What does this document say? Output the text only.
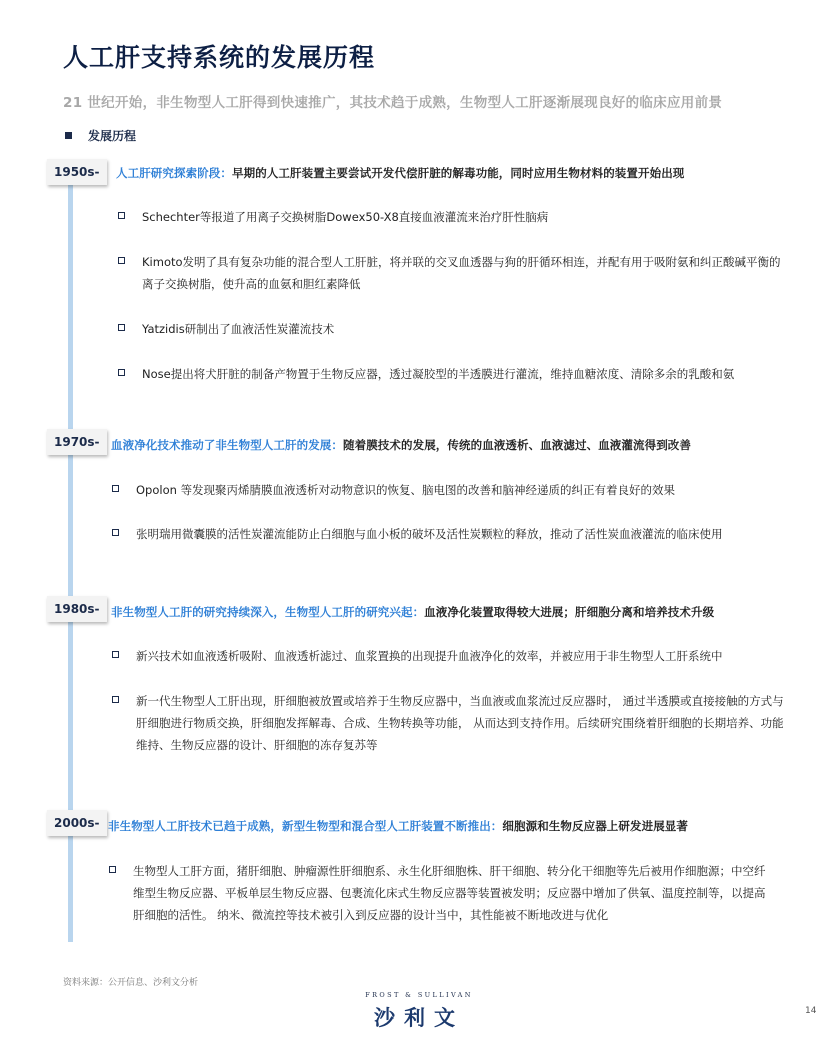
人工肝支持系统的发展历程
21 世纪开始，非生物型人工肝得到快速推广，其技术趋于成熟，生物型人工肝逐渐展现良好的临床应用前景
发展历程
1950s-	人工肝研究探索阶段：早期的人工肝装置主要尝试开发代偿肝脏的解毒功能，同时应用生物材料的装置开始出现
Schechter等报道了用离子交换树脂Dowex50-X8直接血液灌流来治疗肝性脑病
Kimoto发明了具有复杂功能的混合型人工肝脏，将并联的交叉血透器与狗的肝循环相连，并配有用于吸附氨和纠正酸碱平衡的离子交换树脂，使升高的血氨和胆红素降低
Yatzidis研制出了血液活性炭灌流技术
Nose提出将犬肝脏的制备产物置于生物反应器，透过凝胶型的半透膜进行灌流，维持血糖浓度、清除多余的乳酸和氨
1970s- 血液净化技术推动了非生物型人工肝的发展：随着膜技术的发展，传统的血液透析、血液滤过、血液灌流得到改善
Opolon 等发现聚丙烯腈膜血液透析对动物意识的恢复、脑电图的改善和脑神经递质的纠正有着良好的效果
张明瑞用微囊膜的活性炭灌流能防止白细胞与血小板的破坏及活性炭颗粒的释放，推动了活性炭血液灌流的临床使用
1980s- 非生物型人工肝的研究持续深入，生物型人工肝的研究兴起：血液净化装置取得较大进展；肝细胞分离和培养技术升级
新兴技术如血液透析吸附、血液透析滤过、血浆置换的出现提升血液净化的效率，并被应用于非生物型人工肝系统中
新一代生物型人工肝出现，肝细胞被放置或培养于生物反应器中，当血液或血浆流过反应器时， 通过半透膜或直接接触的方式与肝细胞进行物质交换，肝细胞发挥解毒、合成、生物转换等功能， 从而达到支持作用。后续研究围绕着肝细胞的长期培养、功能维持、生物反应器的设计、肝细胞的冻存复苏等
2000s- 非生物型人工肝技术已趋于成熟，新型生物型和混合型人工肝装置不断推出：细胞源和生物反应器上研发进展显著
生物型人工肝方面，猪肝细胞、肿瘤源性肝细胞系、永生化肝细胞株、肝干细胞、转分化干细胞等先后被用作细胞源；中空纤维型生物反应器、平板单层生物反应器、包裹流化床式生物反应器等装置被发明；反应器中增加了供氧、温度控制等，以提高肝细胞的活性。 纳米、微流控等技术被引入到反应器的设计当中，其性能被不断地改进与优化
资料来源：公开信息、沙利文分析
FROST & SULLIVAN
沙利文	14
